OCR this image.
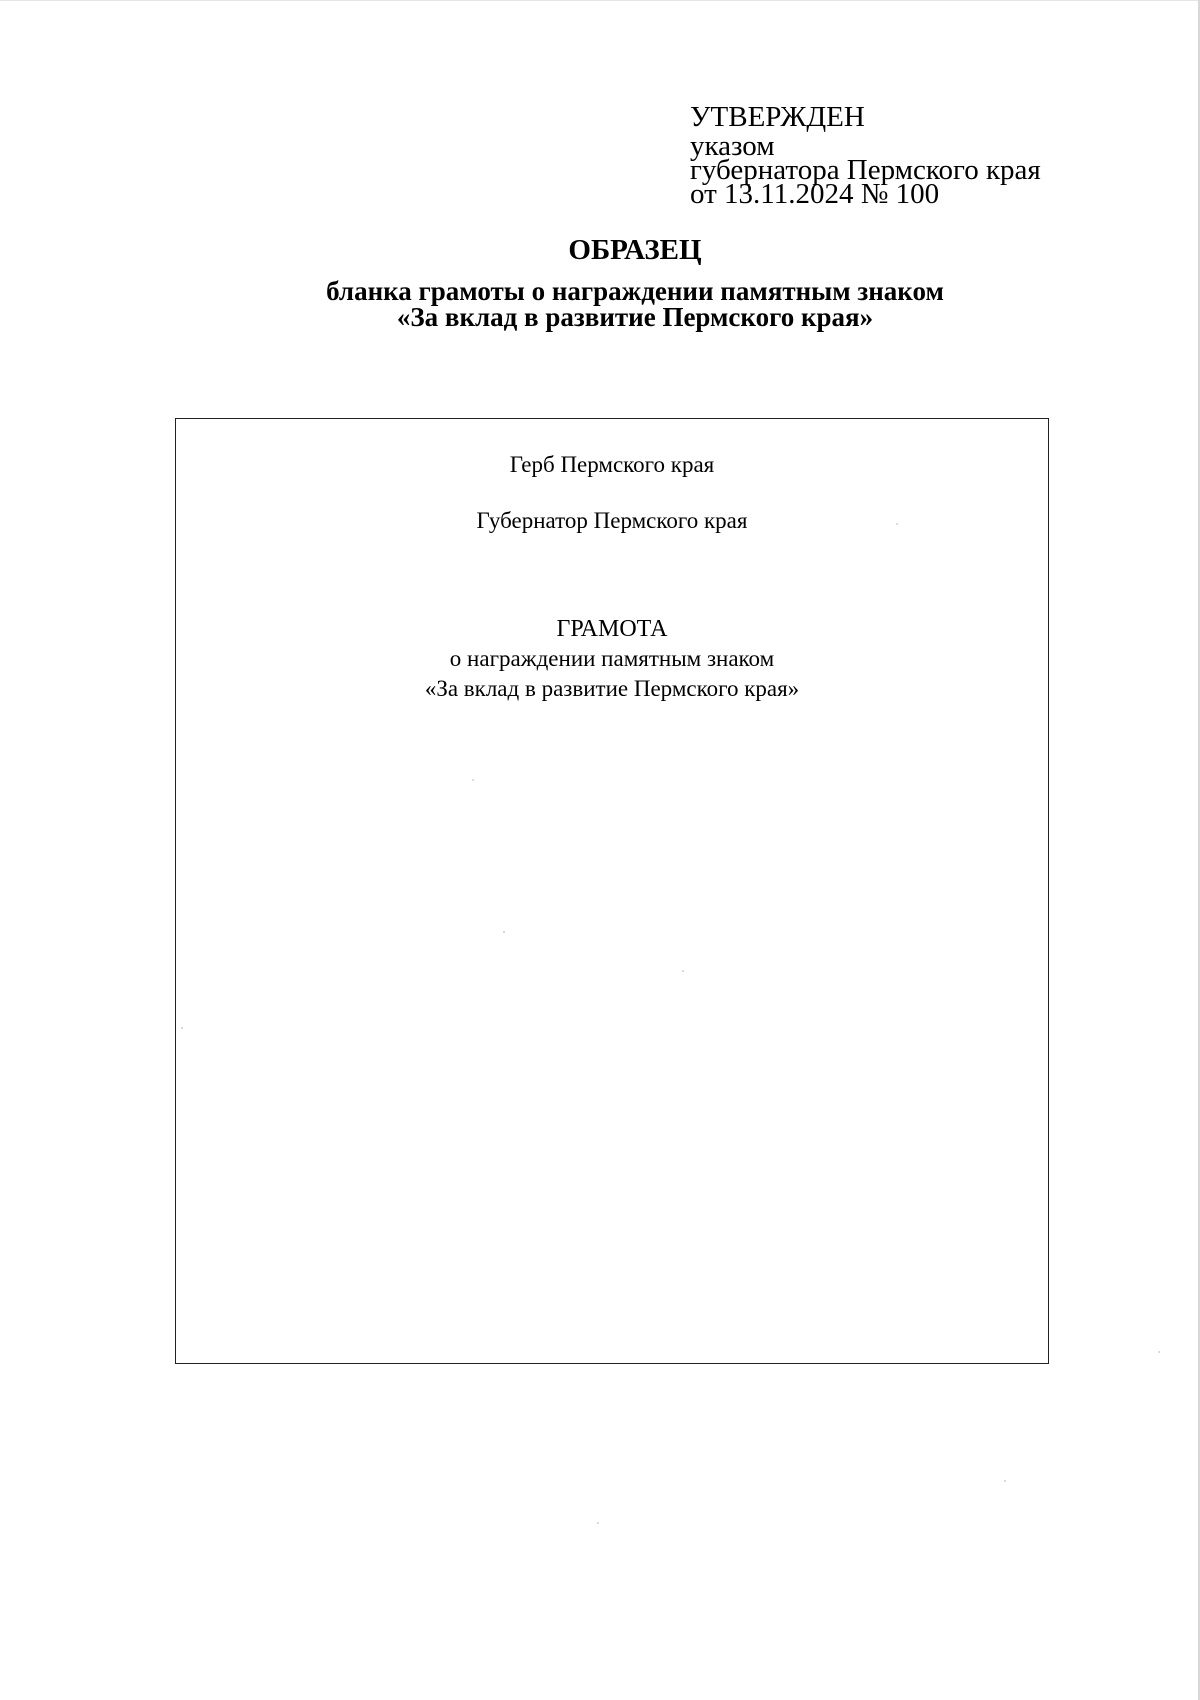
УТВЕРЖДЕН
указом
губернатора Пермского края
от 13.11.2024 № 100
ОБРАЗЕЦ
бланка грамоты о награждении памятным знаком
«За вклад в развитие Пермского края»
Герб Пермского края
Губернатор Пермского края
ГРАМОТА
о награждении памятным знаком
«За вклад в развитие Пермского края»
